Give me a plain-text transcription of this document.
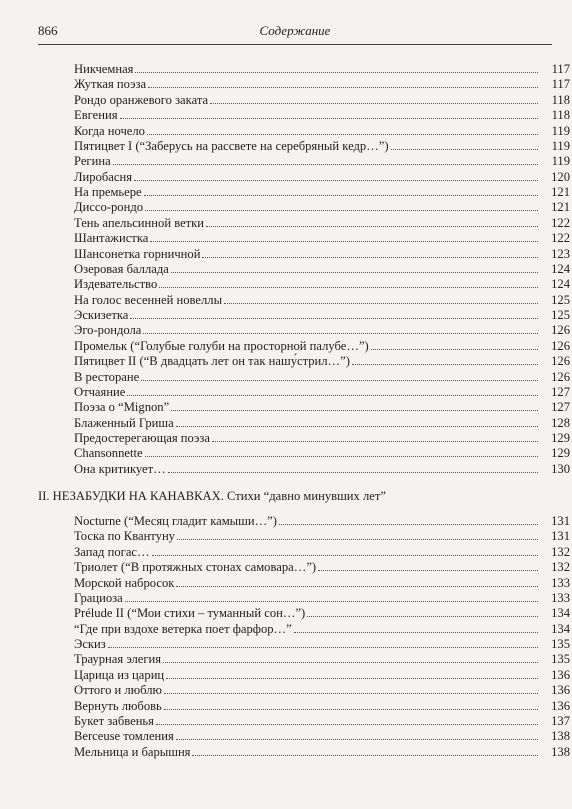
866	Содержание
Никчемная	117
Жуткая поэза	117
Рондо оранжевого заката	118
Евгения	118
Когда ночело	119
Пятицвет I (“Заберусь на рассвете на серебряный кедр…”)	119
Регина	119
Лиробасня	120
На премьере	121
Диссо-рондо	121
Тень апельсинной ветки	122
Шантажистка	122
Шансонетка горничной	123
Озеровая баллада	124
Издевательство	124
На голос весенней новеллы	125
Эскизетка	125
Эго-рондола	126
Промельк (“Голубые голуби на просторной палубе…”)	126
Пятицвет II (“В двадцать лет он так нашу́стрил…”)	126
В ресторане	126
Отчаяние	127
Поэза о “Mignon”	127
Блаженный Гриша	128
Предостерегающая поэза	129
Chansonnette	129
Она критикует…	130
II. НЕЗАБУДКИ НА КАНАВКАХ. Стихи “давно минувших лет”
Nocturne (“Месяц гладит камыши…”)	131
Тоска по Квантуну	131
Запад погас…	132
Триолет (“В протяжных стонах самовара…”)	132
Морской набросок	133
Грациоза	133
Prélude II (“Мои стихи – туманный сон…”)	134
“Где при вздохе ветерка поет фарфор…”	134
Эскиз	135
Траурная элегия	135
Царица из цариц	136
Оттого и люблю	136
Вернуть любовь	136
Букет забвенья	137
Berceuse томления	138
Мельница и барышня	138
